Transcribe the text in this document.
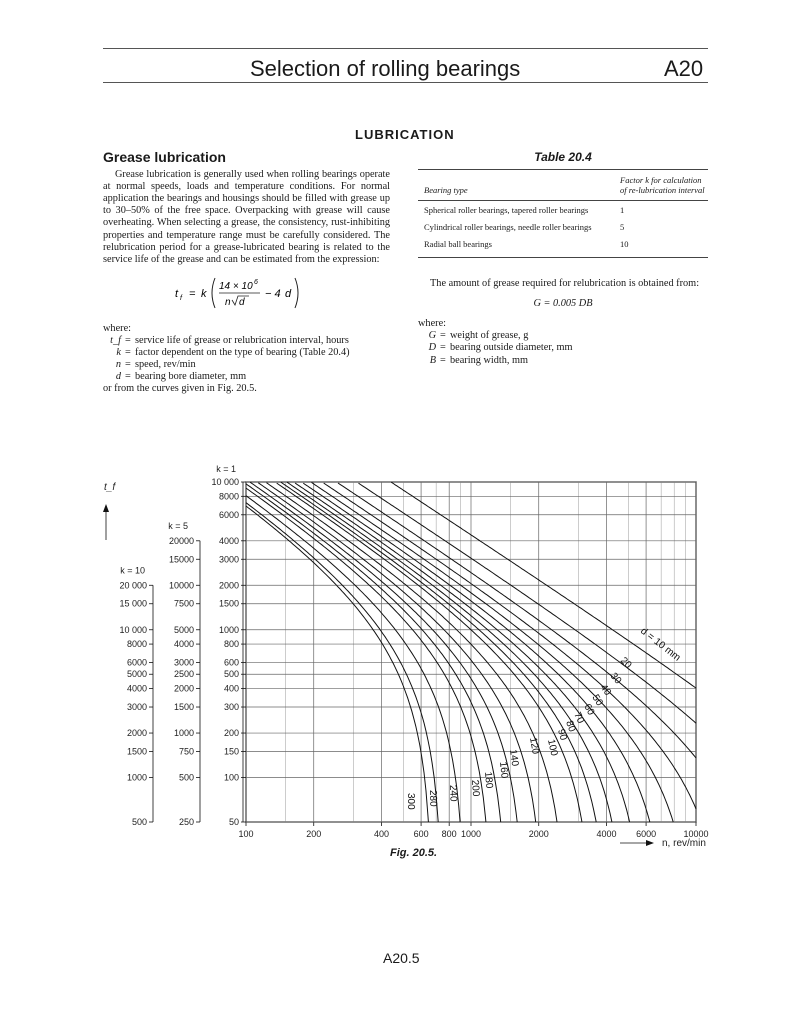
Selection of rolling bearings	A20
LUBRICATION
Grease lubrication

Grease lubrication is generally used when rolling bearings operate at normal speeds, loads and temperature conditions. For normal application the bearings and housings should be filled with grease up to 30–50% of the free space. Overpacking with grease will cause overheating. When selecting a grease, the consistency, rust-inhibiting properties and temperature range must be carefully considered. The relubrication period for a grease-lubricated bearing is related to the service life of the grease and can be estimated from the expression:

t f = k
14 × 10 6
n d
− 4 d
where:
t_f = service life of grease or relubrication interval, hours
k = factor dependent on the type of bearing (Table 20.4)
n = speed, rev/min
d = bearing bore diameter, mm
or from the curves given in Fig. 20.5.
Table 20.4
Bearing type	Factor k for calculation of re-lubrication interval
Spherical roller bearings, tapered roller bearings	1
Cylindrical roller bearings, needle roller bearings	5
Radial ball bearings	10

The amount of grease required for relubrication is obtained from:

G = 0.005 DB
where:
G = weight of grease, g
D = bearing outside diameter, mm
B = bearing width, mm
100	200	400	600 800 1000	2000	4000 6000	10000
10 000
8000
6000
4000
3000
2000
1500
1000
800
600
500
400
300
200
150
100
50
k = 1
20000
15000
10000
7500
5000
4000
3000
2500
2000
1500
1000
750
500
250
k = 5
20 000
15 000
10 000
8000
6000
5000
4000
3000
2000
1500
1000
500
k = 10
t_f
n, rev/min
d = 10 mm
20
30
40
50
60
70
80
90
100
120
140
160
180
200
240
280
300
Fig. 20.5.
A20.5
